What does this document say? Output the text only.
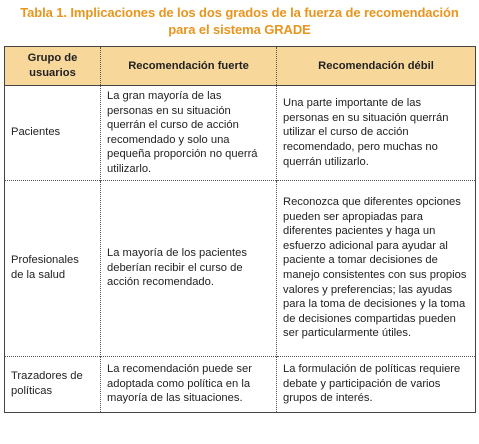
Tabla 1. Implicaciones de los dos grados de la fuerza de recomendación
para el sistema GRADE
Grupo de usuarios	Recomendación fuerte	Recomendación débil
Pacientes	La gran mayoría de las personas en su situación querrán el curso de acción recomendado y solo una pequeña proporción no querrá utilizarlo.	Una parte importante de las personas en su situación querrán utilizar el curso de acción recomendado, pero muchas no querrán utilizarlo.
Profesionales de la salud	La mayoría de los pacientes deberían recibir el curso de acción recomendado.	Reconozca que diferentes opciones pueden ser apropiadas para diferentes pacientes y haga un esfuerzo adicional para ayudar al paciente a tomar decisiones de manejo consistentes con sus propios valores y preferencias; las ayudas para la toma de decisiones y la toma de decisiones compartidas pueden ser particularmente útiles.
Trazadores de políticas	La recomendación puede ser adoptada como política en la mayoría de las situaciones.	La formulación de políticas requiere debate y participación de varios grupos de interés.
